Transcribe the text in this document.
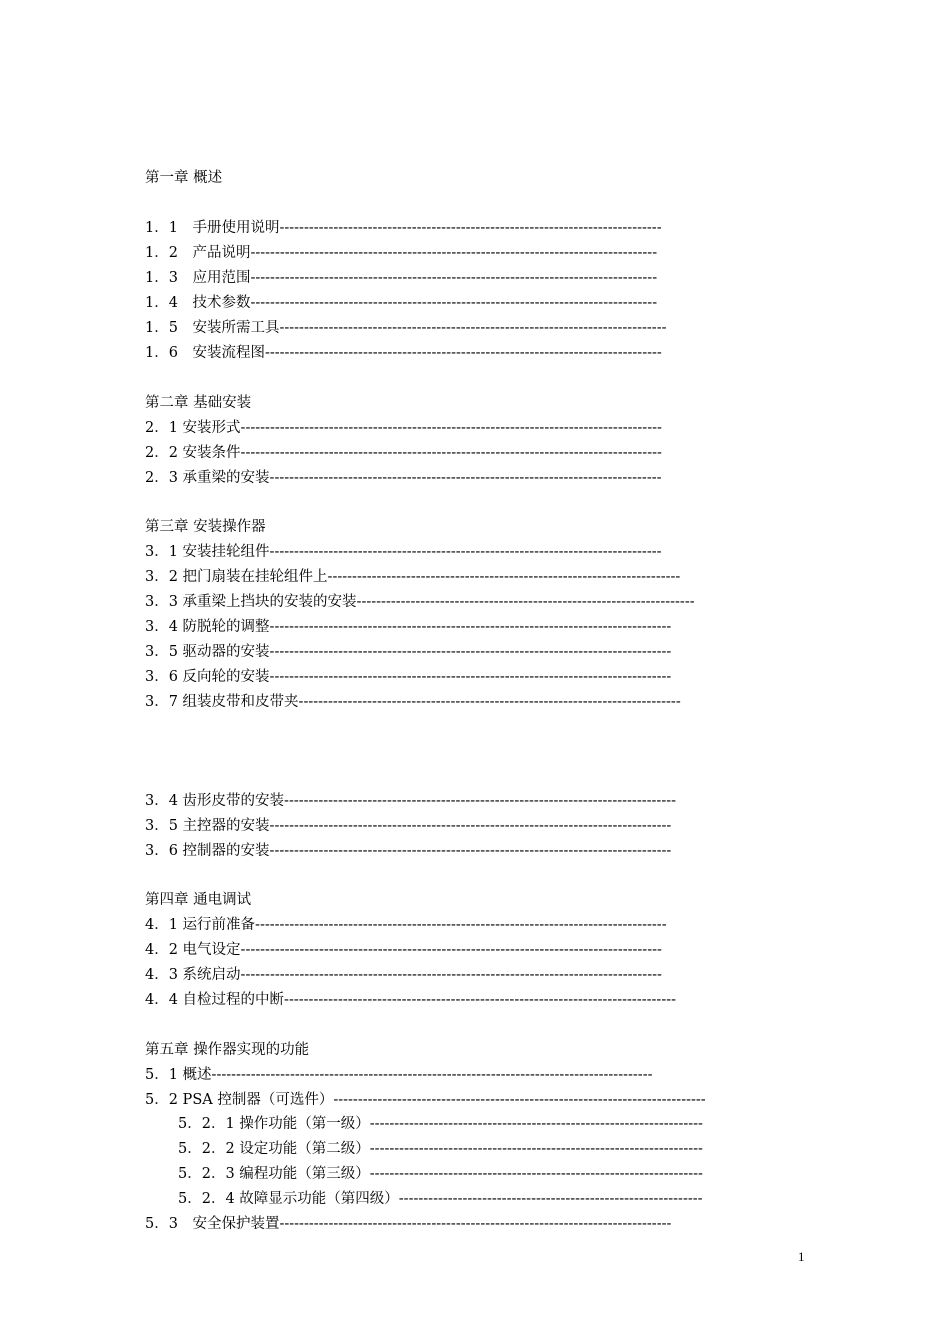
第一章 概述
1．1　手册使用说明------------------------------------------------------------------------------
1．2　产品说明-----------------------------------------------------------------------------------
1．3　应用范围-----------------------------------------------------------------------------------
1．4　技术参数-----------------------------------------------------------------------------------
1．5　安装所需工具-------------------------------------------------------------------------------
1．6　安装流程图---------------------------------------------------------------------------------
第二章 基础安装
2．1 安装形式--------------------------------------------------------------------------------------
2．2 安装条件--------------------------------------------------------------------------------------
2．3 承重梁的安装--------------------------------------------------------------------------------
第三章 安装操作器
3．1 安装挂轮组件--------------------------------------------------------------------------------
3．2 把门扇装在挂轮组件上------------------------------------------------------------------------
3．3 承重梁上挡块的安装的安装---------------------------------------------------------------------
3．4 防脱轮的调整----------------------------------------------------------------------------------
3．5 驱动器的安装----------------------------------------------------------------------------------
3．6 反向轮的安装----------------------------------------------------------------------------------
3．7 组装皮带和皮带夹------------------------------------------------------------------------------
3．4 齿形皮带的安装--------------------------------------------------------------------------------
3．5 主控器的安装----------------------------------------------------------------------------------
3．6 控制器的安装----------------------------------------------------------------------------------
第四章 通电调试
4．1 运行前准备------------------------------------------------------------------------------------
4．2 电气设定--------------------------------------------------------------------------------------
4．3 系统启动--------------------------------------------------------------------------------------
4．4 自检过程的中断--------------------------------------------------------------------------------
第五章 操作器实现的功能
5．1 概述------------------------------------------------------------------------------------------
5．2 PSA 控制器（可选件）----------------------------------------------------------------------------
5．2．1 操作功能（第一级）--------------------------------------------------------------------
5．2．2 设定功能（第二级）--------------------------------------------------------------------
5．2．3 编程功能（第三级）--------------------------------------------------------------------
5．2．4 故障显示功能（第四级）--------------------------------------------------------------
5．3　安全保护装置--------------------------------------------------------------------------------
1
